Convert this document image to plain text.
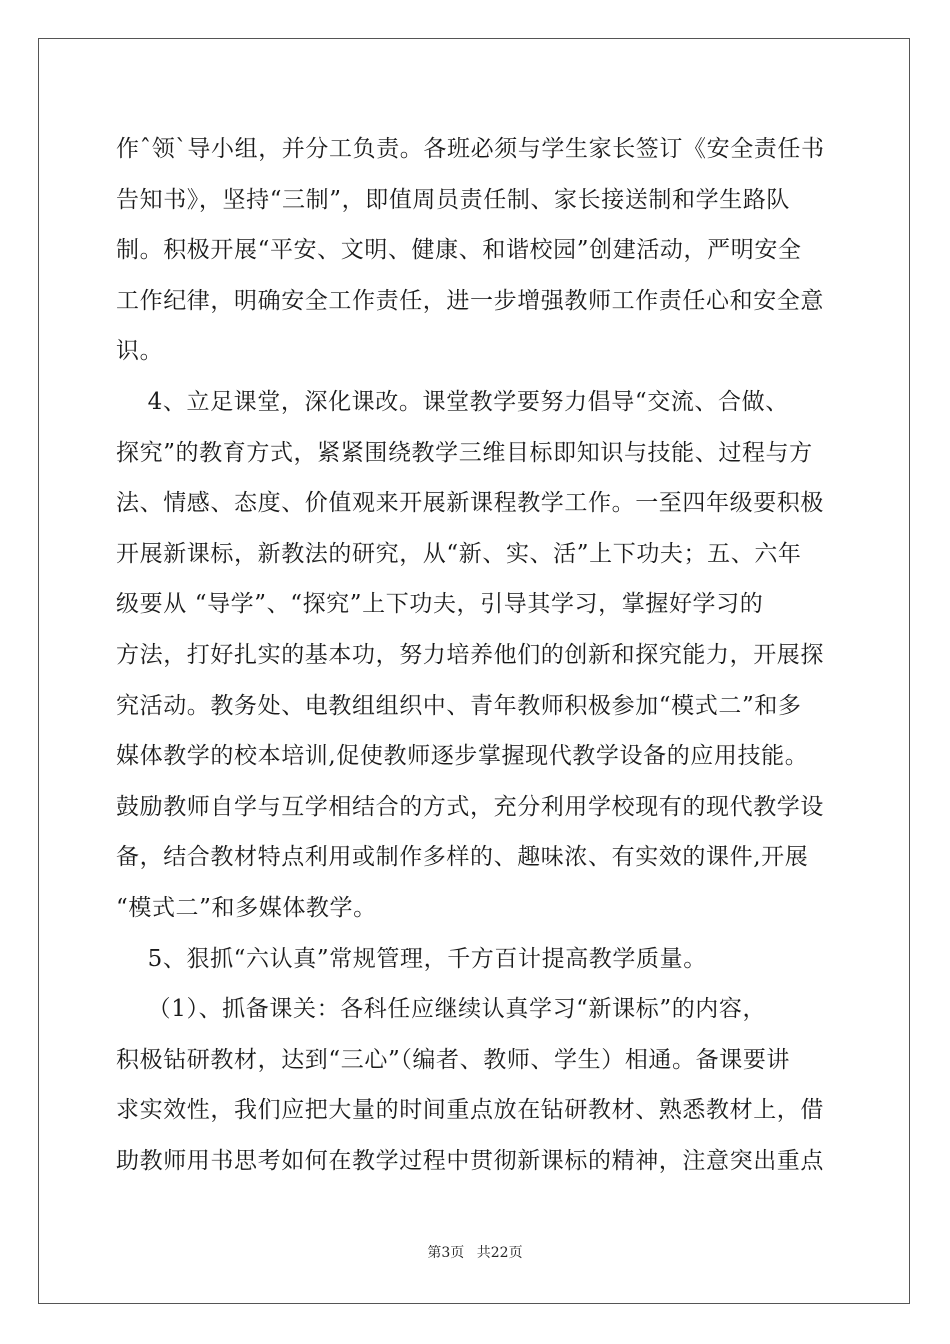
作ˆ领ˋ导小组，并分工负责。各班必须与学生家长签订《安全责任书
告知书》，坚持“三制”，即值周员责任制、家长接送制和学生路队
制。积极开展“平安、文明、健康、和谐校园”创建活动，严明安全
工作纪律，明确安全工作责任，进一步增强教师工作责任心和安全意
识。
4、立足课堂，深化课改。课堂教学要努力倡导“交流、合做、
探究”的教育方式，紧紧围绕教学三维目标即知识与技能、过程与方
法、情感、态度、价值观来开展新课程教学工作。一至四年级要积极
开展新课标，新教法的研究，从“新、实、活”上下功夫；五、六年
级要从 “导学”、“探究”上下功夫，引导其学习，掌握好学习的
方法，打好扎实的基本功，努力培养他们的创新和探究能力，开展探
究活动。教务处、电教组组织中、青年教师积极参加“模式二”和多
媒体教学的校本培训,促使教师逐步掌握现代教学设备的应用技能。
鼓励教师自学与互学相结合的方式，充分利用学校现有的现代教学设
备，结合教材特点利用或制作多样的、趣味浓、有实效的课件,开展
“模式二”和多媒体教学。
5、狠抓“六认真”常规管理，千方百计提高教学质量。
（1）、抓备课关：各科任应继续认真学习“新课标”的内容，
积极钻研教材，达到“三心”（编者、教师、学生）相通。备课要讲
求实效性，我们应把大量的时间重点放在钻研教材、熟悉教材上，借
助教师用书思考如何在教学过程中贯彻新课标的精神，注意突出重点
第3页 共22页
